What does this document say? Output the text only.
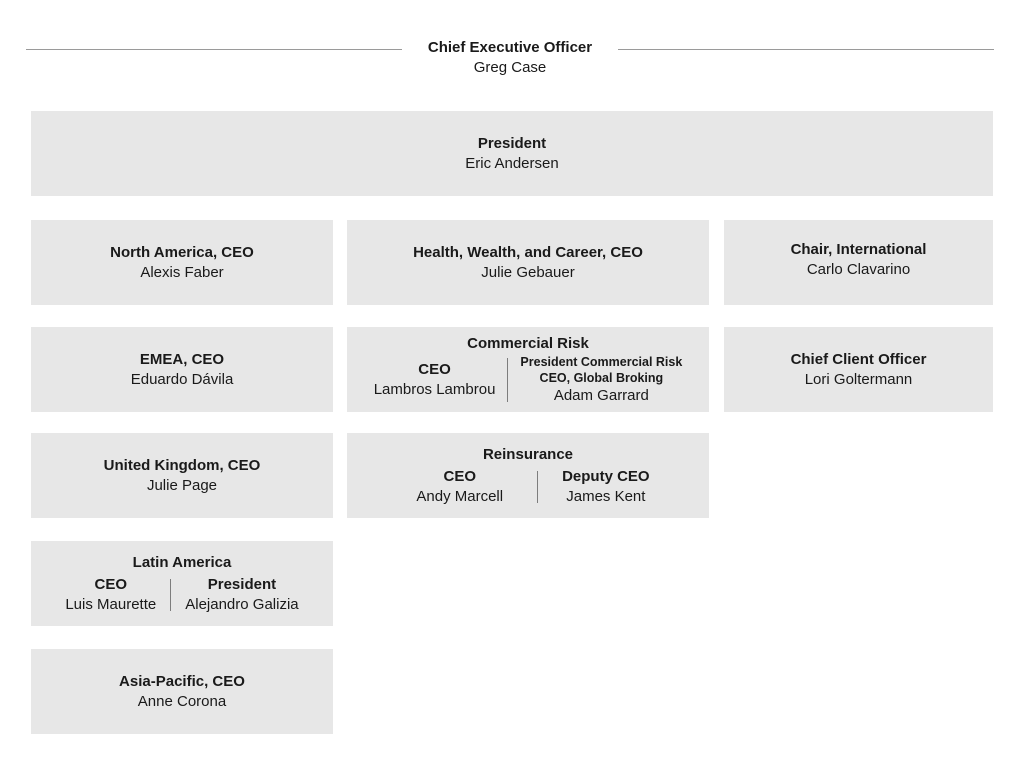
Chief Executive Officer
Greg Case
President
Eric Andersen
North America, CEO
Alexis Faber
EMEA, CEO
Eduardo Dávila
United Kingdom, CEO
Julie Page
Latin America
CEO
Luis Maurette
President
Alejandro Galizia
Asia-Pacific, CEO
Anne Corona
Health, Wealth, and Career, CEO
Julie Gebauer
Commercial Risk
CEO
Lambros Lambrou
President Commercial Risk
CEO, Global Broking
Adam Garrard
Reinsurance
CEO
Andy Marcell
Deputy CEO
James Kent
Chair, International
Carlo Clavarino
Chief Client Officer
Lori Goltermann
